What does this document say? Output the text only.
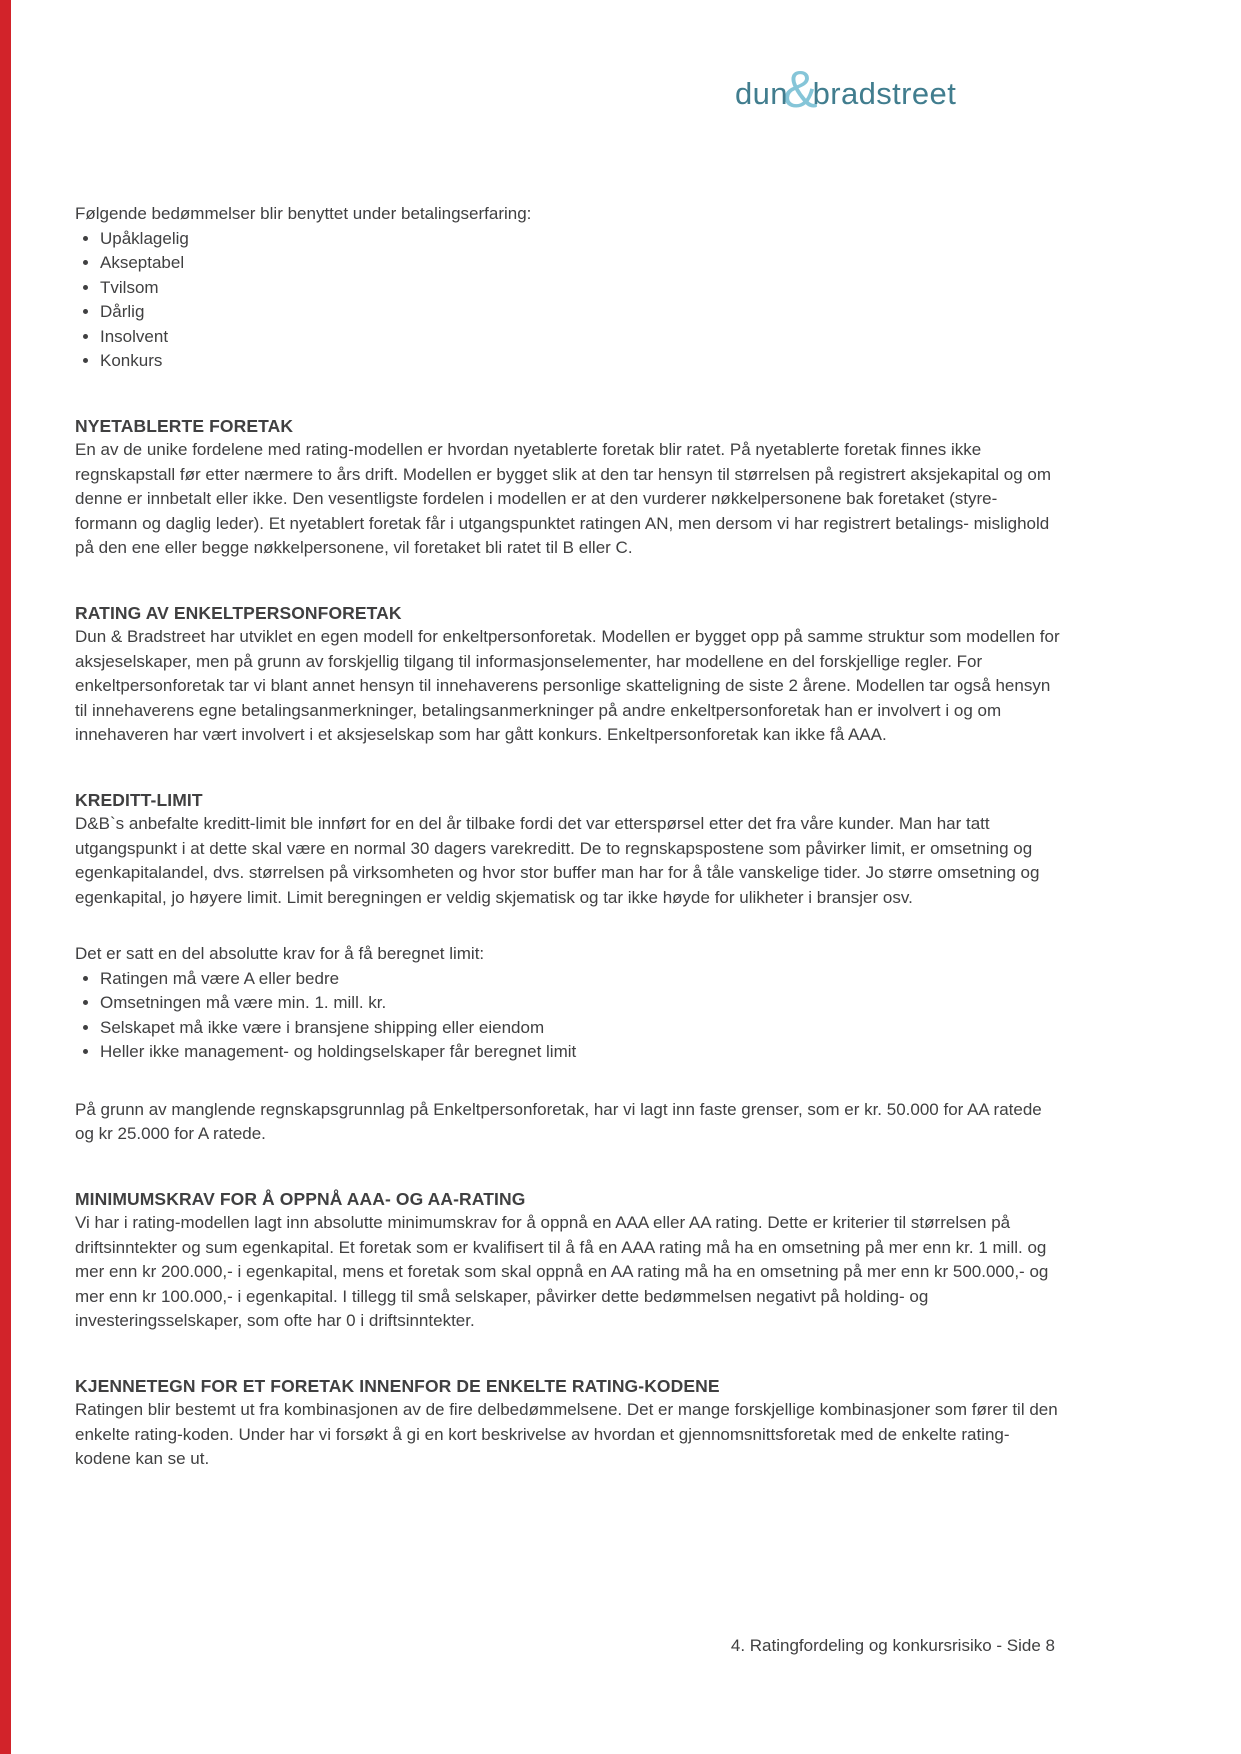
dun
&
bradstreet

Følgende bedømmelser blir benyttet under betalingserfaring:

• Upåklagelig
• Akseptabel
• Tvilsom
• Dårlig
• Insolvent
• Konkurs
NYETABLERTE FORETAK

En av de unike fordelene med rating-modellen er hvordan nyetablerte foretak blir ratet. På nyetablerte foretak finnes ikke regnskapstall før etter nærmere to års drift. Modellen er bygget slik at den tar hensyn til størrelsen på registrert aksjekapital og om denne er innbetalt eller ikke. Den vesentligste fordelen i modellen er at den vurderer nøkkelpersonene bak foretaket (styre- formann og daglig leder). Et nyetablert foretak får i utgangspunktet ratingen AN, men dersom vi har registrert betalings- mislighold på den ene eller begge nøkkelpersonene, vil foretaket bli ratet til B eller C.

RATING AV ENKELTPERSONFORETAK

Dun & Bradstreet har utviklet en egen modell for enkeltpersonforetak. Modellen er bygget opp på samme struktur som modellen for aksjeselskaper, men på grunn av forskjellig tilgang til informasjonselementer, har modellene en del forskjellige regler. For enkeltpersonforetak tar vi blant annet hensyn til innehaverens personlige skatteligning de siste 2 årene. Modellen tar også hensyn til innehaverens egne betalingsanmerkninger, betalingsanmerkninger på andre enkeltpersonforetak han er involvert i og om innehaveren har vært involvert i et aksjeselskap som har gått konkurs. Enkeltpersonforetak kan ikke få AAA.

KREDITT-LIMIT

D&B`s anbefalte kreditt-limit ble innført for en del år tilbake fordi det var etterspørsel etter det fra våre kunder. Man har tatt utgangspunkt i at dette skal være en normal 30 dagers varekreditt. De to regnskapspostene som påvirker limit, er omsetning og egenkapitalandel, dvs. størrelsen på virksomheten og hvor stor buffer man har for å tåle vanskelige tider. Jo større omsetning og egenkapital, jo høyere limit. Limit beregningen er veldig skjematisk og tar ikke høyde for ulikheter i bransjer osv.

Det er satt en del absolutte krav for å få beregnet limit:

• Ratingen må være A eller bedre
• Omsetningen må være min. 1. mill. kr.
• Selskapet må ikke være i bransjene shipping eller eiendom
• Heller ikke management- og holdingselskaper får beregnet limit

På grunn av manglende regnskapsgrunnlag på Enkeltpersonforetak, har vi lagt inn faste grenser, som er kr. 50.000 for AA ratede og kr 25.000 for A ratede.

MINIMUMSKRAV FOR Å OPPNÅ AAA- OG AA-RATING

Vi har i rating-modellen lagt inn absolutte minimumskrav for å oppnå en AAA eller AA rating. Dette er kriterier til størrelsen på driftsinntekter og sum egenkapital. Et foretak som er kvalifisert til å få en AAA rating må ha en omsetning på mer enn kr. 1 mill. og mer enn kr 200.000,- i egenkapital, mens et foretak som skal oppnå en AA rating må ha en omsetning på mer enn kr 500.000,- og mer enn kr 100.000,- i egenkapital. I tillegg til små selskaper, påvirker dette bedømmelsen negativt på holding- og investeringsselskaper, som ofte har 0 i driftsinntekter.

KJENNETEGN FOR ET FORETAK INNENFOR DE ENKELTE RATING-KODENE

Ratingen blir bestemt ut fra kombinasjonen av de fire delbedømmelsene. Det er mange forskjellige kombinasjoner som fører til den enkelte rating-koden. Under har vi forsøkt å gi en kort beskrivelse av hvordan et gjennomsnittsforetak med de enkelte rating-kodene kan se ut.

4. Ratingfordeling og konkursrisiko - Side 8
